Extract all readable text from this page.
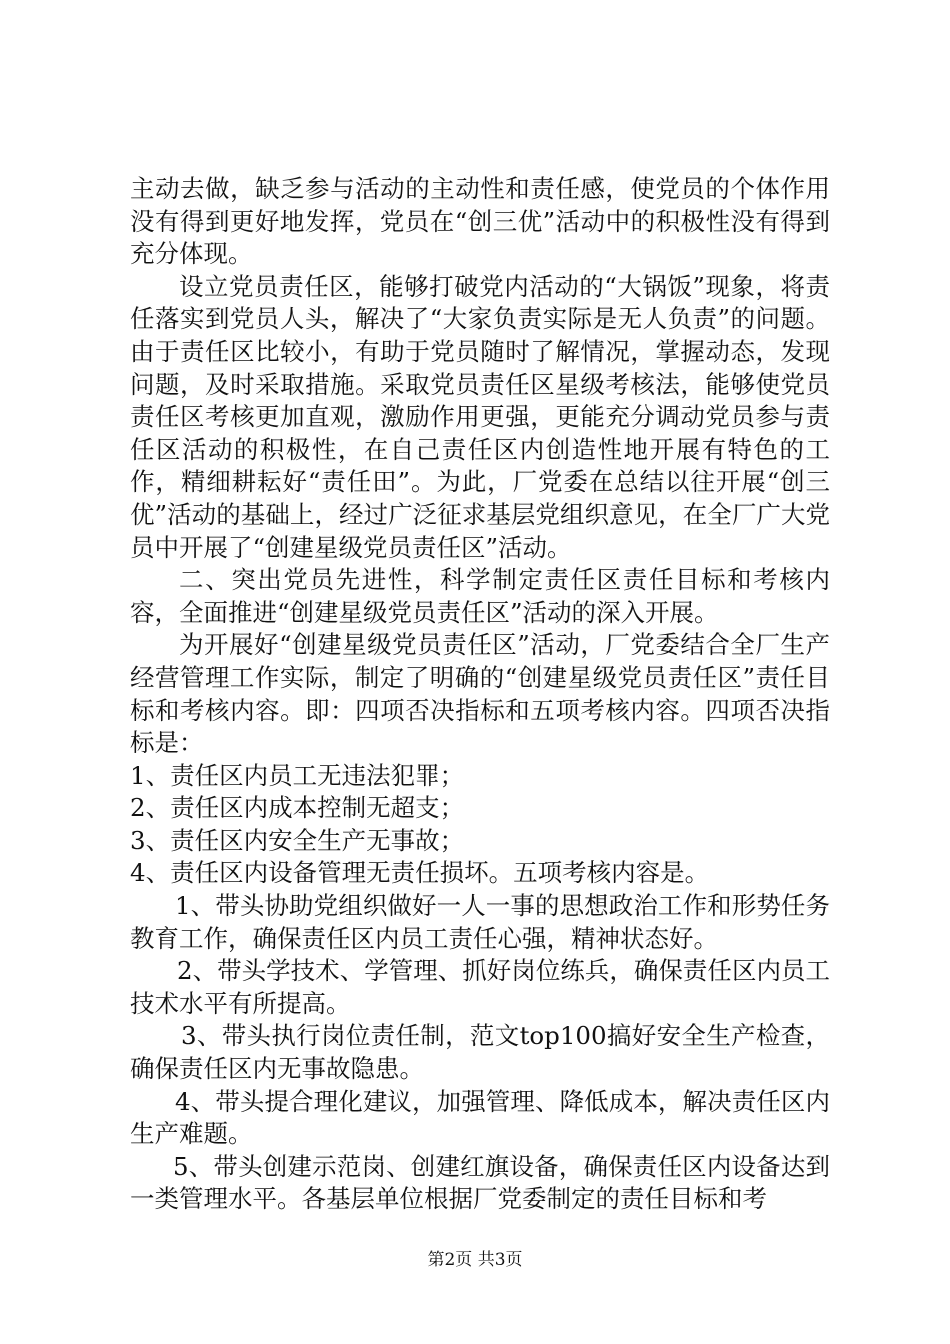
主动去做，缺乏参与活动的主动性和责任感，使党员的个体作用没有得到更好地发挥，党员在“创三优”活动中的积极性没有得到充分体现。

设立党员责任区，能够打破党内活动的“大锅饭”现象，将责任落实到党员人头，解决了“大家负责实际是无人负责”的问题。由于责任区比较小，有助于党员随时了解情况，掌握动态，发现问题，及时采取措施。采取党员责任区星级考核法，能够使党员责任区考核更加直观，激励作用更强，更能充分调动党员参与责任区活动的积极性，在自己责任区内创造性地开展有特色的工作，精细耕耘好“责任田”。为此，厂党委在总结以往开展“创三优”活动的基础上，经过广泛征求基层党组织意见，在全厂广大党员中开展了“创建星级党员责任区”活动。

二、突出党员先进性，科学制定责任区责任目标和考核内容，全面推进“创建星级党员责任区”活动的深入开展。

为开展好“创建星级党员责任区”活动，厂党委结合全厂生产经营管理工作实际，制定了明确的“创建星级党员责任区”责任目标和考核内容。即：四项否决指标和五项考核内容。四项否决指标是：

1、责任区内员工无违法犯罪；

2、责任区内成本控制无超支；

3、责任区内安全生产无事故；

4、责任区内设备管理无责任损坏。五项考核内容是。

1、带头协助党组织做好一人一事的思想政治工作和形势任务教育工作，确保责任区内员工责任心强，精神状态好。

2、带头学技术、学管理、抓好岗位练兵，确保责任区内员工技术水平有所提高。

3、带头执行岗位责任制，范文top100搞好安全生产检查，确保责任区内无事故隐患。

4、带头提合理化建议，加强管理、降低成本，解决责任区内生产难题。

5、带头创建示范岗、创建红旗设备，确保责任区内设备达到一类管理水平。各基层单位根据厂党委制定的责任目标和考

第2页 共3页
